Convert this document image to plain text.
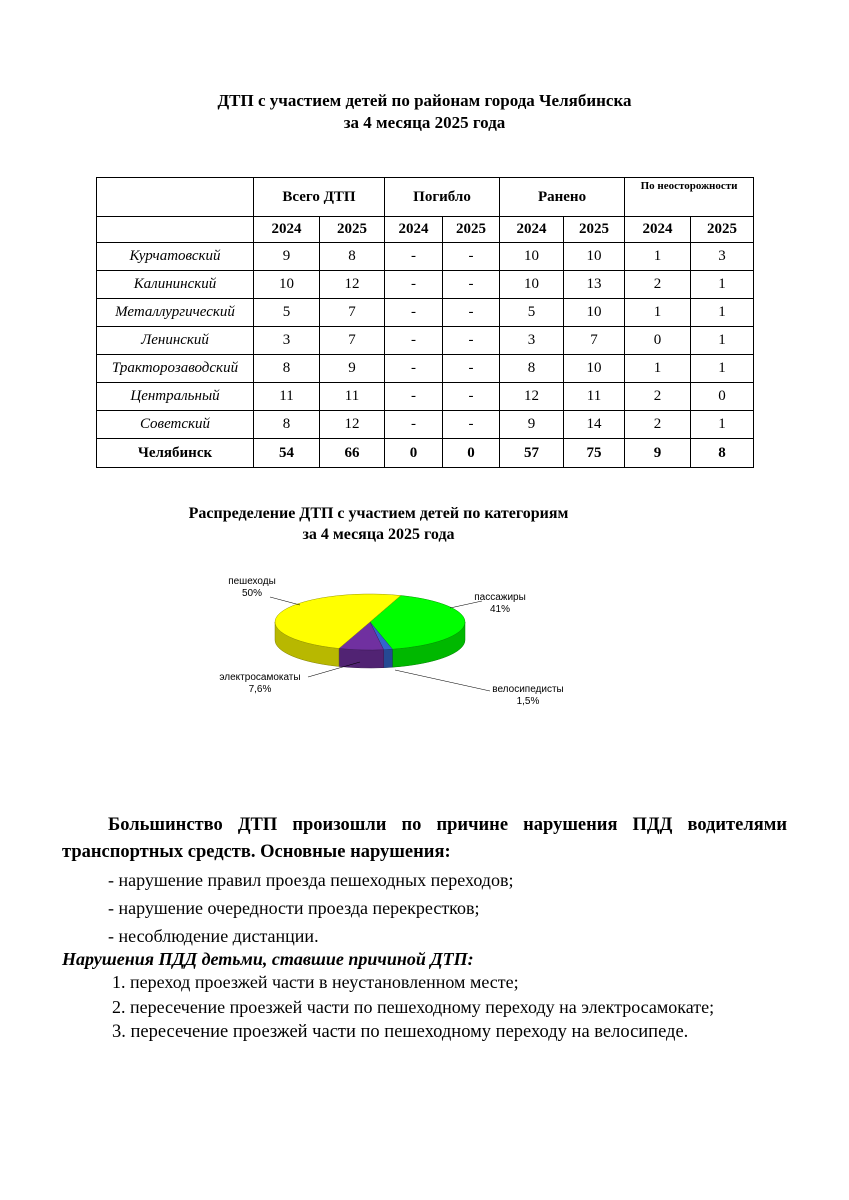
ДТП с участием детей по районам города Челябинска
за 4 месяца 2025 года
	Всего ДТП		Погибло		Ранено		По неосторожности	
	2024	2025	2024	2025	2024	2025	2024	2025
Курчатовский	9	8	-	-	10	10	1	3
Калининский	10	12	-	-	10	13	2	1
Металлургический	5	7	-	-	5	10	1	1
Ленинский	3	7	-	-	3	7	0	1
Тракторозаводский	8	9	-	-	8	10	1	1
Центральный	11	11	-	-	12	11	2	0
Советский	8	12	-	-	9	14	2	1
Челябинск	54	66	0	0	57	75	9	8
Распределение ДТП с участием детей по категориям
за 4 месяца 2025 года
пешеходы
50%	пассажиры
41%
велосипедисты
1,5%
электросамокаты
7,6%
Большинство ДТП произошли по причине нарушения ПДД водителями транспортных средств. Основные нарушения:
- нарушение правил проезда пешеходных переходов;
- нарушение очередности проезда перекрестков;
- несоблюдение дистанции.
Нарушения ПДД детьми, ставшие причиной ДТП:
1. переход проезжей части в неустановленном месте;
2. пересечение проезжей части по пешеходному переходу на электросамокате;
3. пересечение проезжей части по пешеходному переходу на велосипеде.
